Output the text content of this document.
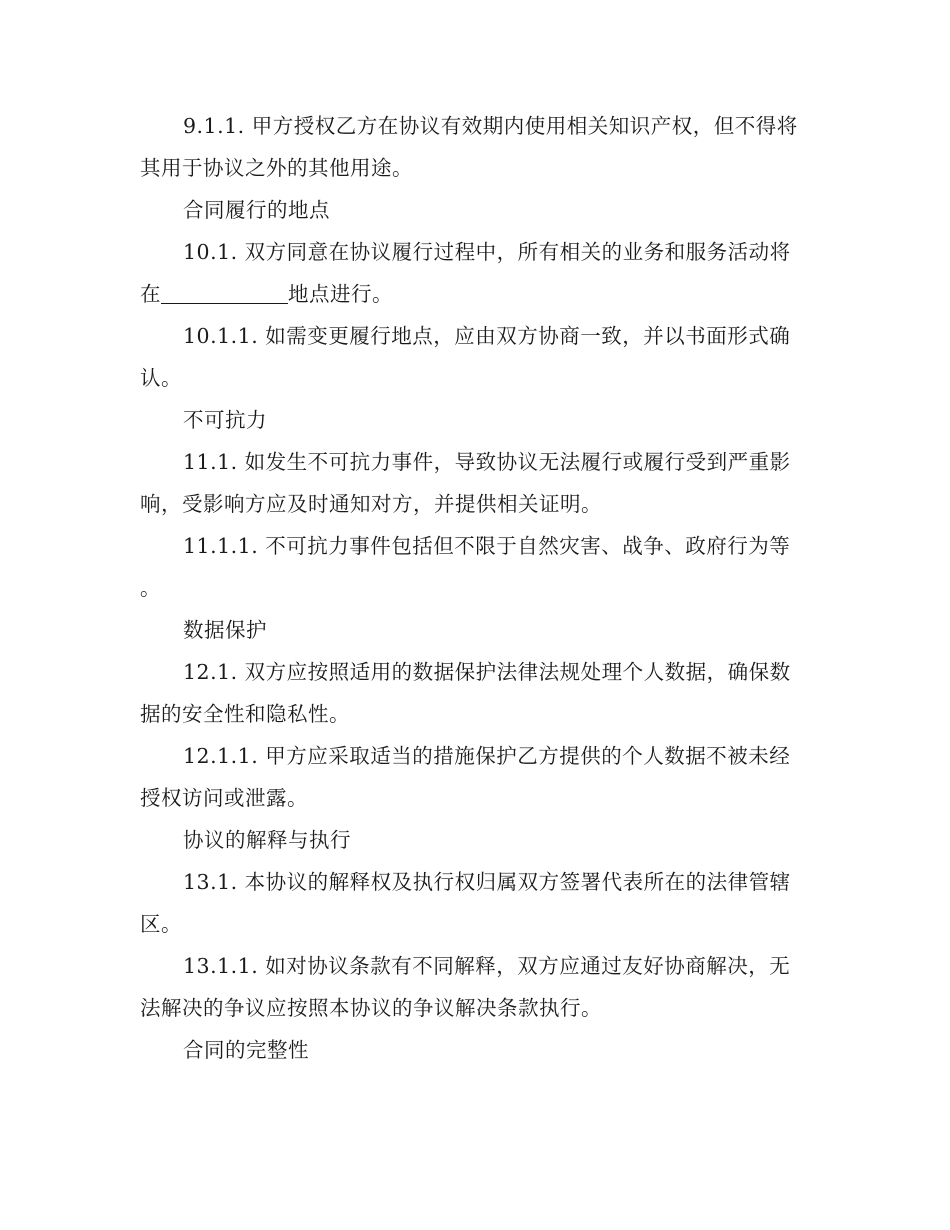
9.1.1. 甲方授权乙方在协议有效期内使用相关知识产权，但不得将其用于协议之外的其他用途。

合同履行的地点

10.1. 双方同意在协议履行过程中，所有相关的业务和服务活动将在	地点进行。

10.1.1. 如需变更履行地点，应由双方协商一致，并以书面形式确认。

不可抗力

11.1. 如发生不可抗力事件，导致协议无法履行或履行受到严重影响，受影响方应及时通知对方，并提供相关证明。

11.1.1. 不可抗力事件包括但不限于自然灾害、战争、政府行为等。

数据保护

12.1. 双方应按照适用的数据保护法律法规处理个人数据，确保数据的安全性和隐私性。

12.1.1. 甲方应采取适当的措施保护乙方提供的个人数据不被未经授权访问或泄露。

协议的解释与执行

13.1. 本协议的解释权及执行权归属双方签署代表所在的法律管辖区。

13.1.1. 如对协议条款有不同解释，双方应通过友好协商解决，无法解决的争议应按照本协议的争议解决条款执行。

合同的完整性
